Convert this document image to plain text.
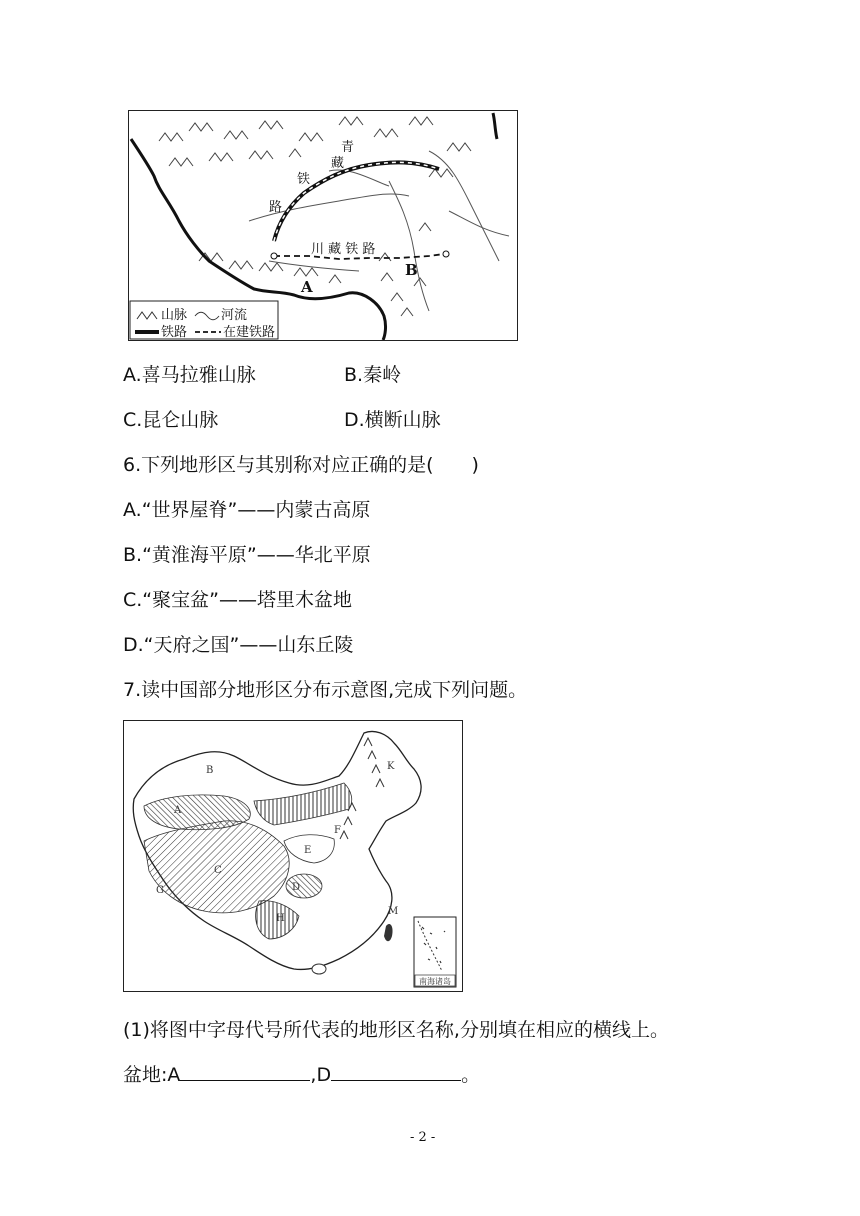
青
藏
铁
路
川 藏 铁 路
A
B
山脉	河流
铁路	在建铁路
A.喜马拉雅山脉	B.秦岭
C.昆仑山脉	D.横断山脉
6.下列地形区与其别称对应正确的是(　　)
A.“世界屋脊”——内蒙古高原
B.“黄淮海平原”——华北平原
C.“聚宝盆”——塔里木盆地
D.“天府之国”——山东丘陵
7.读中国部分地形区分布示意图,完成下列问题。
B
A
C
D
E
F
G
H
K
M
南海诸岛
(1)将图中字母代号所代表的地形区名称,分别填在相应的横线上。
盆地:A	,D	。
- 2 -
